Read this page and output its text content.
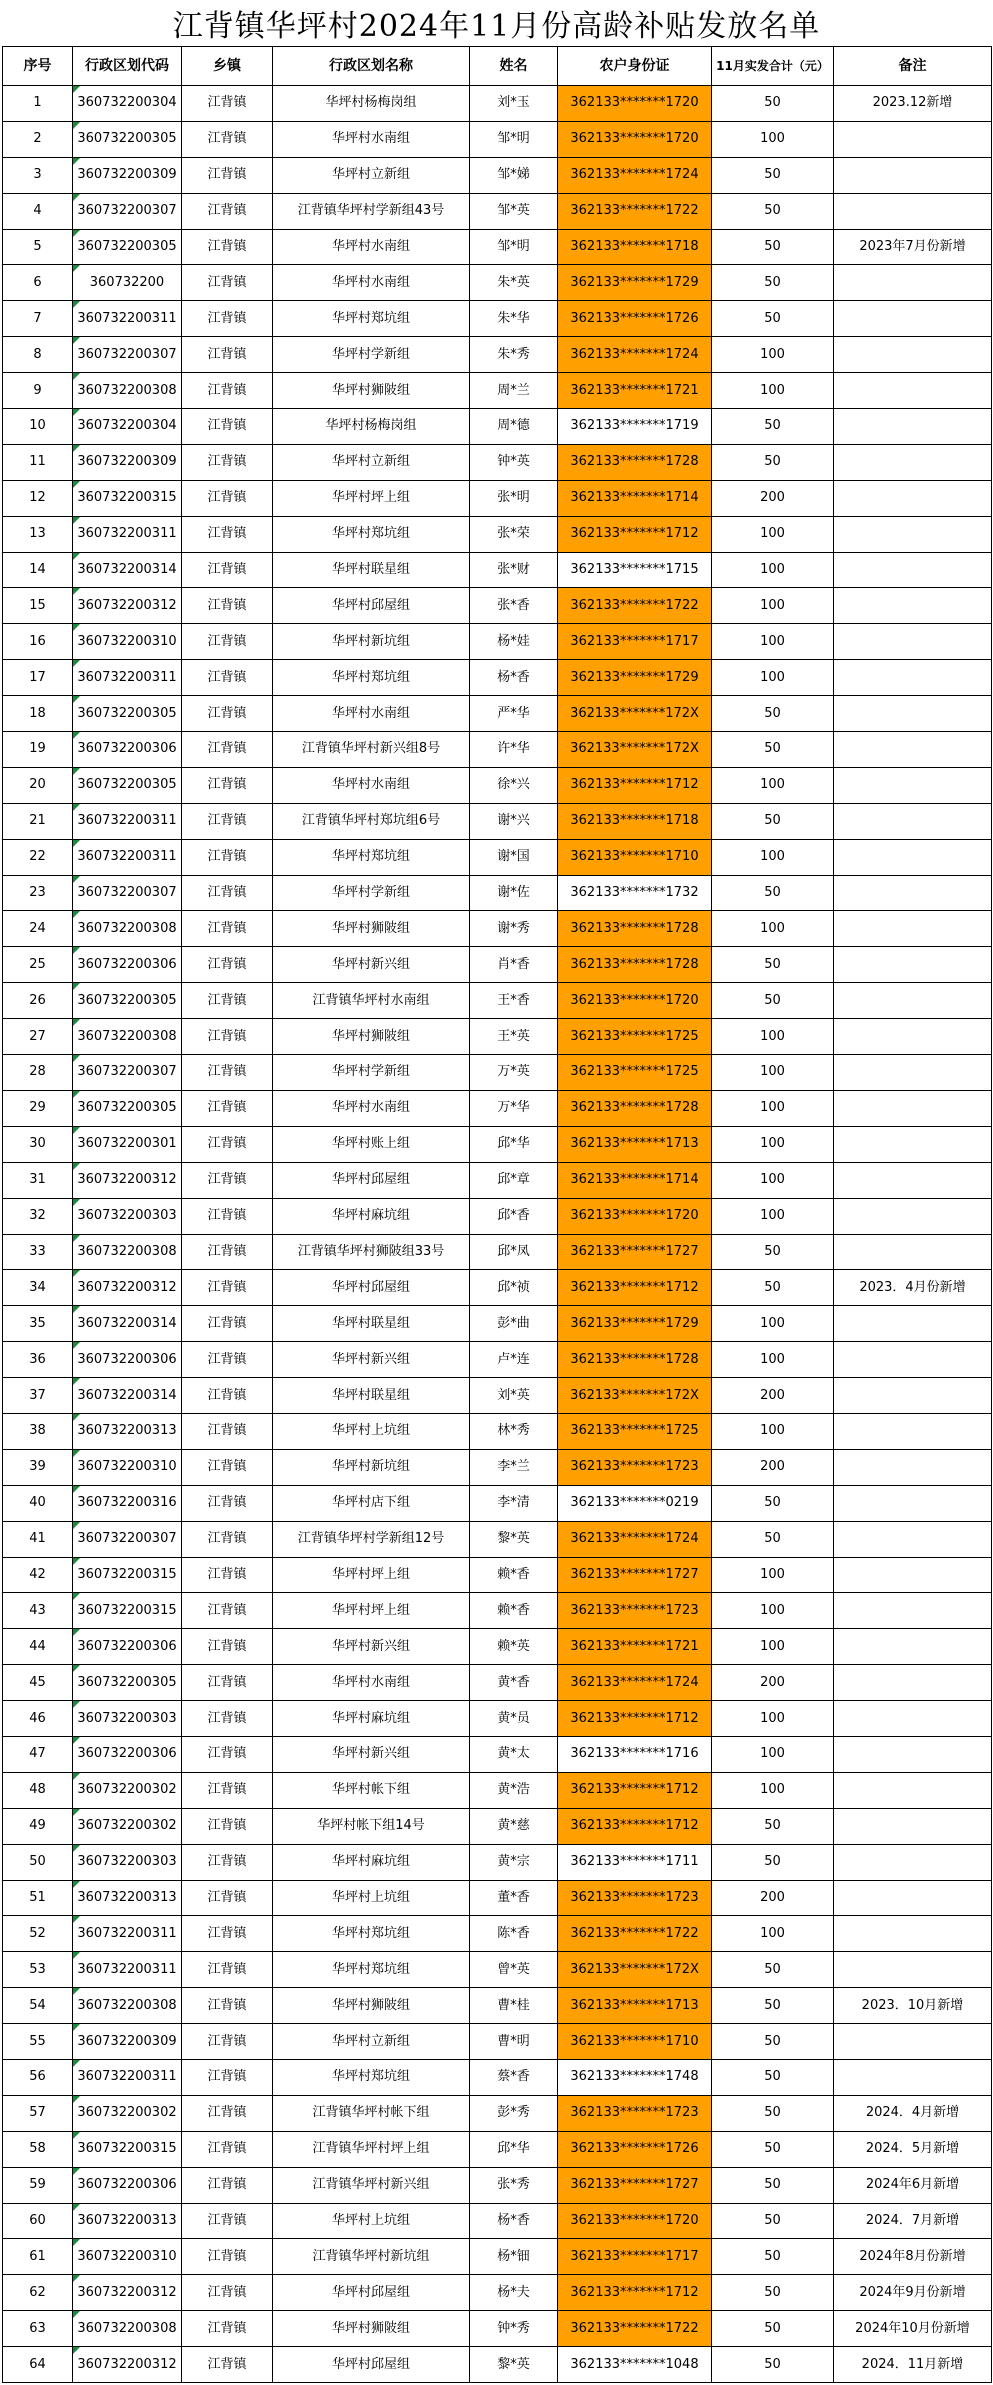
江背镇华坪村2024年11月份高龄补贴发放名单
序号	行政区划代码	乡镇	行政区划名称	姓名	农户身份证	11月实发合计（元）	备注
1	360732200304	江背镇	华坪村杨梅岗组	刘*玉	362133*******1720	50	2023.12新增
2	360732200305	江背镇	华坪村水南组	邹*明	362133*******1720	100	
3	360732200309	江背镇	华坪村立新组	邹*娣	362133*******1724	50	
4	360732200307	江背镇	江背镇华坪村学新组43号	邹*英	362133*******1722	50	
5	360732200305	江背镇	华坪村水南组	邹*明	362133*******1718	50	2023年7月份新增
6	360732200	江背镇	华坪村水南组	朱*英	362133*******1729	50	
7	360732200311	江背镇	华坪村郑坑组	朱*华	362133*******1726	50	
8	360732200307	江背镇	华坪村学新组	朱*秀	362133*******1724	100	
9	360732200308	江背镇	华坪村狮陂组	周*兰	362133*******1721	100	
10	360732200304	江背镇	华坪村杨梅岗组	周*德	362133*******1719	50	
11	360732200309	江背镇	华坪村立新组	钟*英	362133*******1728	50	
12	360732200315	江背镇	华坪村坪上组	张*明	362133*******1714	200	
13	360732200311	江背镇	华坪村郑坑组	张*荣	362133*******1712	100	
14	360732200314	江背镇	华坪村联星组	张*财	362133*******1715	100	
15	360732200312	江背镇	华坪村邱屋组	张*香	362133*******1722	100	
16	360732200310	江背镇	华坪村新坑组	杨*娃	362133*******1717	100	
17	360732200311	江背镇	华坪村郑坑组	杨*香	362133*******1729	100	
18	360732200305	江背镇	华坪村水南组	严*华	362133*******172X	50	
19	360732200306	江背镇	江背镇华坪村新兴组8号	许*华	362133*******172X	50	
20	360732200305	江背镇	华坪村水南组	徐*兴	362133*******1712	100	
21	360732200311	江背镇	江背镇华坪村郑坑组6号	谢*兴	362133*******1718	50	
22	360732200311	江背镇	华坪村郑坑组	谢*国	362133*******1710	100	
23	360732200307	江背镇	华坪村学新组	谢*佐	362133*******1732	50	
24	360732200308	江背镇	华坪村狮陂组	谢*秀	362133*******1728	100	
25	360732200306	江背镇	华坪村新兴组	肖*香	362133*******1728	50	
26	360732200305	江背镇	江背镇华坪村水南组	王*香	362133*******1720	50	
27	360732200308	江背镇	华坪村狮陂组	王*英	362133*******1725	100	
28	360732200307	江背镇	华坪村学新组	万*英	362133*******1725	100	
29	360732200305	江背镇	华坪村水南组	万*华	362133*******1728	100	
30	360732200301	江背镇	华坪村账上组	邱*华	362133*******1713	100	
31	360732200312	江背镇	华坪村邱屋组	邱*章	362133*******1714	100	
32	360732200303	江背镇	华坪村麻坑组	邱*香	362133*******1720	100	
33	360732200308	江背镇	江背镇华坪村狮陂组33号	邱*凤	362133*******1727	50	
34	360732200312	江背镇	华坪村邱屋组	邱*祯	362133*******1712	50	2023．4月份新增
35	360732200314	江背镇	华坪村联星组	彭*曲	362133*******1729	100	
36	360732200306	江背镇	华坪村新兴组	卢*连	362133*******1728	100	
37	360732200314	江背镇	华坪村联星组	刘*英	362133*******172X	200	
38	360732200313	江背镇	华坪村上坑组	林*秀	362133*******1725	100	
39	360732200310	江背镇	华坪村新坑组	李*兰	362133*******1723	200	
40	360732200316	江背镇	华坪村店下组	李*清	362133*******0219	50	
41	360732200307	江背镇	江背镇华坪村学新组12号	黎*英	362133*******1724	50	
42	360732200315	江背镇	华坪村坪上组	赖*香	362133*******1727	100	
43	360732200315	江背镇	华坪村坪上组	赖*香	362133*******1723	100	
44	360732200306	江背镇	华坪村新兴组	赖*英	362133*******1721	100	
45	360732200305	江背镇	华坪村水南组	黄*香	362133*******1724	200	
46	360732200303	江背镇	华坪村麻坑组	黄*员	362133*******1712	100	
47	360732200306	江背镇	华坪村新兴组	黄*太	362133*******1716	100	
48	360732200302	江背镇	华坪村帐下组	黄*浩	362133*******1712	100	
49	360732200302	江背镇	华坪村帐下组14号	黄*慈	362133*******1712	50	
50	360732200303	江背镇	华坪村麻坑组	黄*宗	362133*******1711	50	
51	360732200313	江背镇	华坪村上坑组	董*香	362133*******1723	200	
52	360732200311	江背镇	华坪村郑坑组	陈*香	362133*******1722	100	
53	360732200311	江背镇	华坪村郑坑组	曾*英	362133*******172X	50	
54	360732200308	江背镇	华坪村狮陂组	曹*桂	362133*******1713	50	2023．10月新增
55	360732200309	江背镇	华坪村立新组	曹*明	362133*******1710	50	
56	360732200311	江背镇	华坪村郑坑组	蔡*香	362133*******1748	50	
57	360732200302	江背镇	江背镇华坪村帐下组	彭*秀	362133*******1723	50	2024．4月新增
58	360732200315	江背镇	江背镇华坪村坪上组	邱*华	362133*******1726	50	2024．5月新增
59	360732200306	江背镇	江背镇华坪村新兴组	张*秀	362133*******1727	50	2024年6月新增
60	360732200313	江背镇	华坪村上坑组	杨*香	362133*******1720	50	2024．7月新增
61	360732200310	江背镇	江背镇华坪村新坑组	杨*钿	362133*******1717	50	2024年8月份新增
62	360732200312	江背镇	华坪村邱屋组	杨*夫	362133*******1712	50	2024年9月份新增
63	360732200308	江背镇	华坪村狮陂组	钟*秀	362133*******1722	50	2024年10月份新增
64	360732200312	江背镇	华坪村邱屋组	黎*英	362133*******1048	50	2024．11月新增
